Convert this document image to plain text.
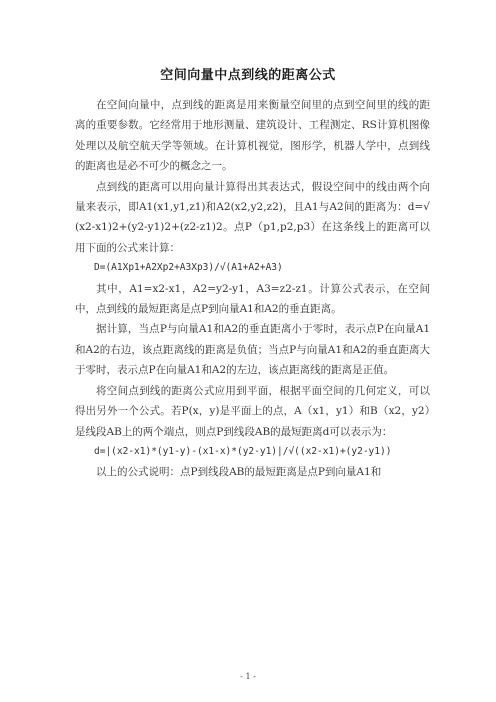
空间向量中点到线的距离公式

在空间向量中，点到线的距离是用来衡量空间里的点到空间里的线的距离的重要参数。它经常用于地形测量、建筑设计、工程测定、RS计算机图像处理以及航空航天学等领域。在计算机视觉，图形学，机器人学中，点到线的距离也是必不可少的概念之一。

点到线的距离可以用向量计算得出其表达式，假设空间中的线由两个向量来表示，即A1(x1,y1,z1)和A2(x2,y2,z2)，且A1与A2间的距离为：d=√(x2-x1)2+(y2-y1)2+(z2-z1)2。点P（p1,p2,p3）在这条线上的距离可以用下面的公式来计算：

D=(A1Xp1+A2Xp2+A3Xp3)/√(A1+A2+A3)

其中，A1=x2-x1，A2=y2-y1，A3=z2-z1。计算公式表示，在空间中，点到线的最短距离是点P到向量A1和A2的垂直距离。

据计算，当点P与向量A1和A2的垂直距离小于零时，表示点P在向量A1和A2的右边，该点距离线的距离是负值；当点P与向量A1和A2的垂直距离大于零时，表示点P在向量A1和A2的左边，该点距离线的距离是正值。

将空间点到线的距离公式应用到平面，根据平面空间的几何定义，可以得出另外一个公式。若P(x，y)是平面上的点，A（x1，y1）和B（x2，y2）是线段AB上的两个端点，则点P到线段AB的最短距离d可以表示为：

d=|(x2-x1)*(y1-y)-(x1-x)*(y2-y1)|/√((x2-x1)+(y2-y1))

以上的公式说明：点P到线段AB的最短距离是点P到向量A1和

- 1 -
